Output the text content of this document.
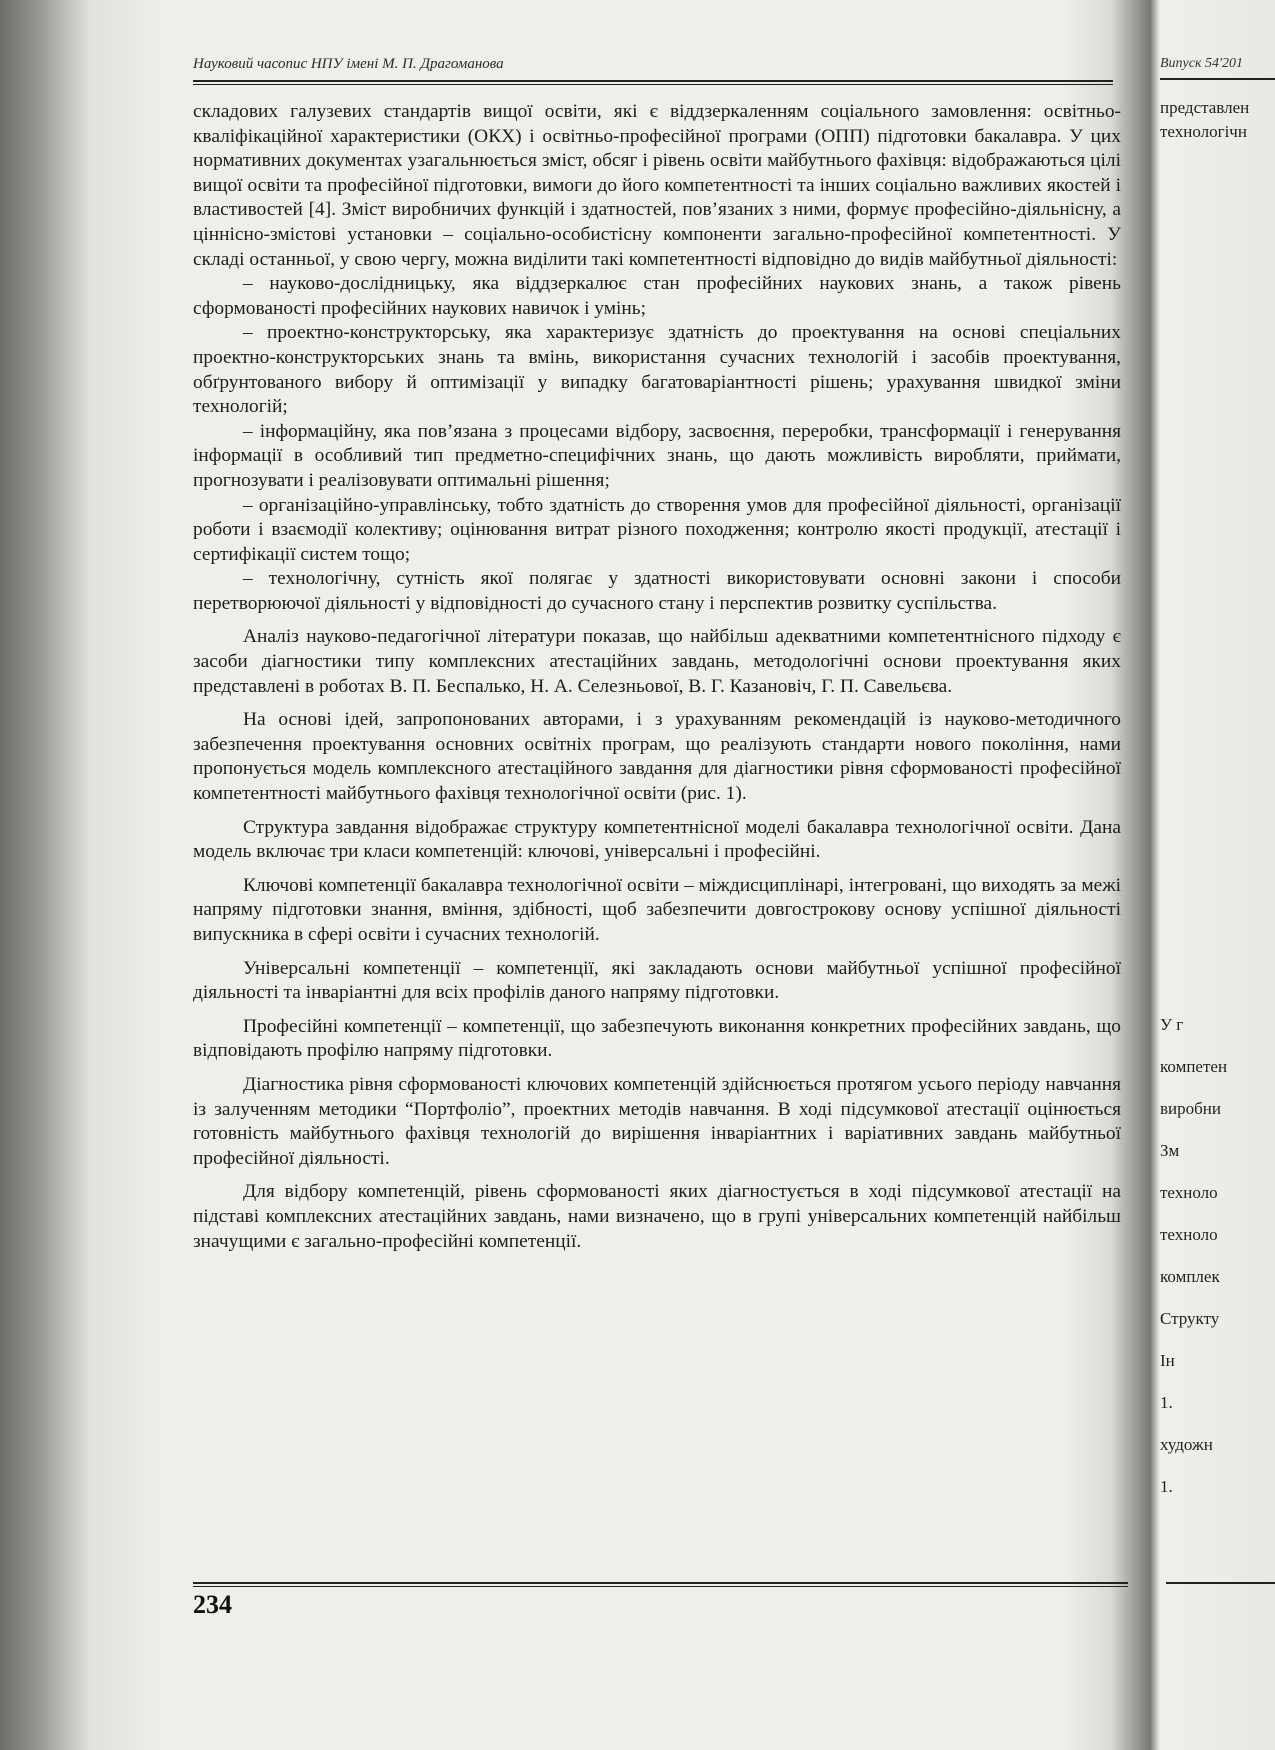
Науковий часопис НПУ імені М. П. Драгоманова

складових галузевих стандартів вищої освіти, які є віддзеркаленням соціального замовлення: освітньо-кваліфікаційної характеристики (ОКХ) і освітньо-професійної програми (ОПП) підготовки бакалавра. У цих нормативних документах узагальнюється зміст, обсяг і рівень освіти майбутнього фахівця: відображаються цілі вищої освіти та професійної підготовки, вимоги до його компетентності та інших соціально важливих якостей і властивостей [4]. Зміст виробничих функцій і здатностей, пов’язаних з ними, формує професійно-діяльнісну, а ціннісно-змістові установки – соціально-особистісну компоненти загально-професійної компетентності. У складі останньої, у свою чергу, можна виділити такі компетентності відповідно до видів майбутньої діяльності:

– науково-дослідницьку, яка віддзеркалює стан професійних наукових знань, а також рівень сформованості професійних наукових навичок і умінь;

– проектно-конструкторську, яка характеризує здатність до проектування на основі спеціальних проектно-конструкторських знань та вмінь, використання сучасних технологій і засобів проектування, обґрунтованого вибору й оптимізації у випадку багатоваріантності рішень; урахування швидкої зміни технологій;

– інформаційну, яка пов’язана з процесами відбору, засвоєння, переробки, трансформації і генерування інформації в особливий тип предметно-специфічних знань, що дають можливість виробляти, приймати, прогнозувати і реалізовувати оптимальні рішення;

– організаційно-управлінську, тобто здатність до створення умов для професійної діяльності, організації роботи і взаємодії колективу; оцінювання витрат різного походження; контролю якості продукції, атестації і сертифікації систем тощо;

– технологічну, сутність якої полягає у здатності використовувати основні закони і способи перетворюючої діяльності у відповідності до сучасного стану і перспектив розвитку суспільства.

Аналіз науково-педагогічної літератури показав, що найбільш адекватними компетентнісного підходу є засоби діагностики типу комплексних атестаційних завдань, методологічні основи проектування яких представлені в роботах В. П. Беспалько, Н. А. Селезньової, В. Г. Казановіч, Г. П. Савельєва.

На основі ідей, запропонованих авторами, і з урахуванням рекомендацій із науково-методичного забезпечення проектування основних освітніх програм, що реалізують стандарти нового покоління, нами пропонується модель комплексного атестаційного завдання для діагностики рівня сформованості професійної компетентності майбутнього фахівця технологічної освіти (рис. 1).

Структура завдання відображає структуру компетентнісної моделі бакалавра технологічної освіти. Дана модель включає три класи компетенцій: ключові, універсальні і професійні.

Ключові компетенції бакалавра технологічної освіти – міждисциплінарі, інтегровані, що виходять за межі напряму підготовки знання, вміння, здібності, щоб забезпечити довгострокову основу успішної діяльності випускника в сфері освіти і сучасних технологій.

Універсальні компетенції – компетенції, які закладають основи майбутньої успішної професійної діяльності та інваріантні для всіх профілів даного напряму підготовки.

Професійні компетенції – компетенції, що забезпечують виконання конкретних професійних завдань, що відповідають профілю напряму підготовки.

Діагностика рівня сформованості ключових компетенцій здійснюється протягом усього періоду навчання із залученням методики “Портфоліо”, проектних методів навчання. В ході підсумкової атестації оцінюється готовність майбутнього фахівця технологій до вирішення інваріантних і варіативних завдань майбутньої професійної діяльності.

Для відбору компетенцій, рівень сформованості яких діагностується в ході підсумкової атестації на підставі комплексних атестаційних завдань, нами визначено, що в групі універсальних компетенцій найбільш значущими є загально-професійні компетенції.

234
Випуск 54'201
представлен
технологічн
У г
компетен
виробни
Зм
техноло
техноло
комплек
Структу
Ін
1.
художн
1.
